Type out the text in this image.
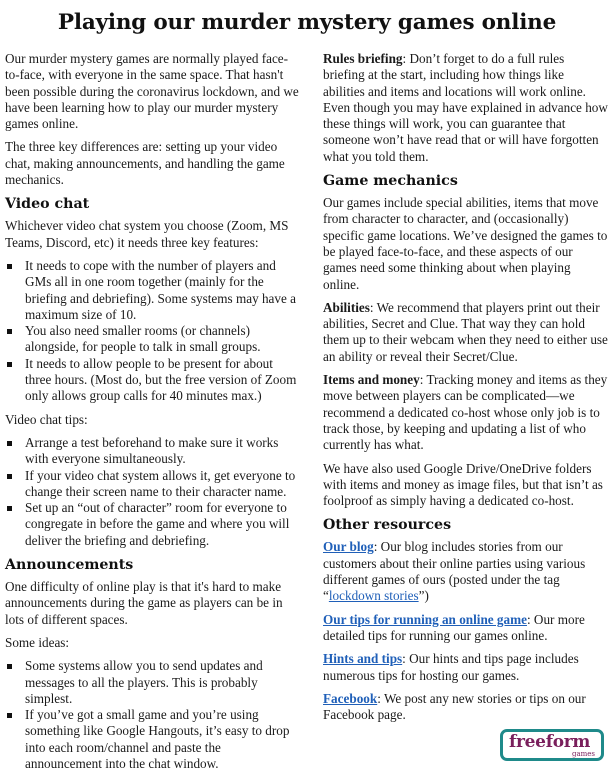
Playing our murder mystery games online

Our murder mystery games are normally played face-to-face, with everyone in the same space. That hasn't been possible during the coronavirus lockdown, and we have been learning how to play our murder mystery games online.

The three key differences are: setting up your video chat, making announcements, and handling the game mechanics.

Video chat

Whichever video chat system you choose (Zoom, MS Teams, Discord, etc) it needs three key features:

It needs to cope with the number of players and GMs all in one room together (mainly for the briefing and debriefing). Some systems may have a maximum size of 10.
You also need smaller rooms (or channels) alongside, for people to talk in small groups.
It needs to allow people to be present for about three hours. (Most do, but the free version of Zoom only allows group calls for 40 minutes max.)

Video chat tips:

Arrange a test beforehand to make sure it works with everyone simultaneously.
If your video chat system allows it, get everyone to change their screen name to their character name.
Set up an “out of character” room for everyone to congregate in before the game and where you will deliver the briefing and debriefing.
Announcements

One difficulty of online play is that it's hard to make announcements during the game as players can be in lots of different spaces.

Some ideas:

Some systems allow you to send updates and messages to all the players. This is probably simplest.
If you’ve got a small game and you’re using something like Google Hangouts, it’s easy to drop into each room/channel and paste the announcement into the chat window.

Rules briefing: Don’t forget to do a full rules briefing at the start, including how things like abilities and items and locations will work online. Even though you may have explained in advance how these things will work, you can guarantee that someone won’t have read that or will have forgotten what you told them.

Game mechanics

Our games include special abilities, items that move from character to character, and (occasionally) specific game locations. We’ve designed the games to be played face-to-face, and these aspects of our games need some thinking about when playing online.

Abilities: We recommend that players print out their abilities, Secret and Clue. That way they can hold them up to their webcam when they need to either use an ability or reveal their Secret/Clue.

Items and money: Tracking money and items as they move between players can be complicated—we recommend a dedicated co-host whose only job is to track those, by keeping and updating a list of who currently has what.

We have also used Google Drive/OneDrive folders with items and money as image files, but that isn’t as foolproof as simply having a dedicated co-host.

Other resources

Our blog: Our blog includes stories from our customers about their online parties using various different games of ours (posted under the tag “lockdown stories”)

Our tips for running an online game: Our more detailed tips for running our games online.

Hints and tips: Our hints and tips page includes numerous tips for hosting our games.

Facebook: We post any new stories or tips on our Facebook page.

freeform
games
